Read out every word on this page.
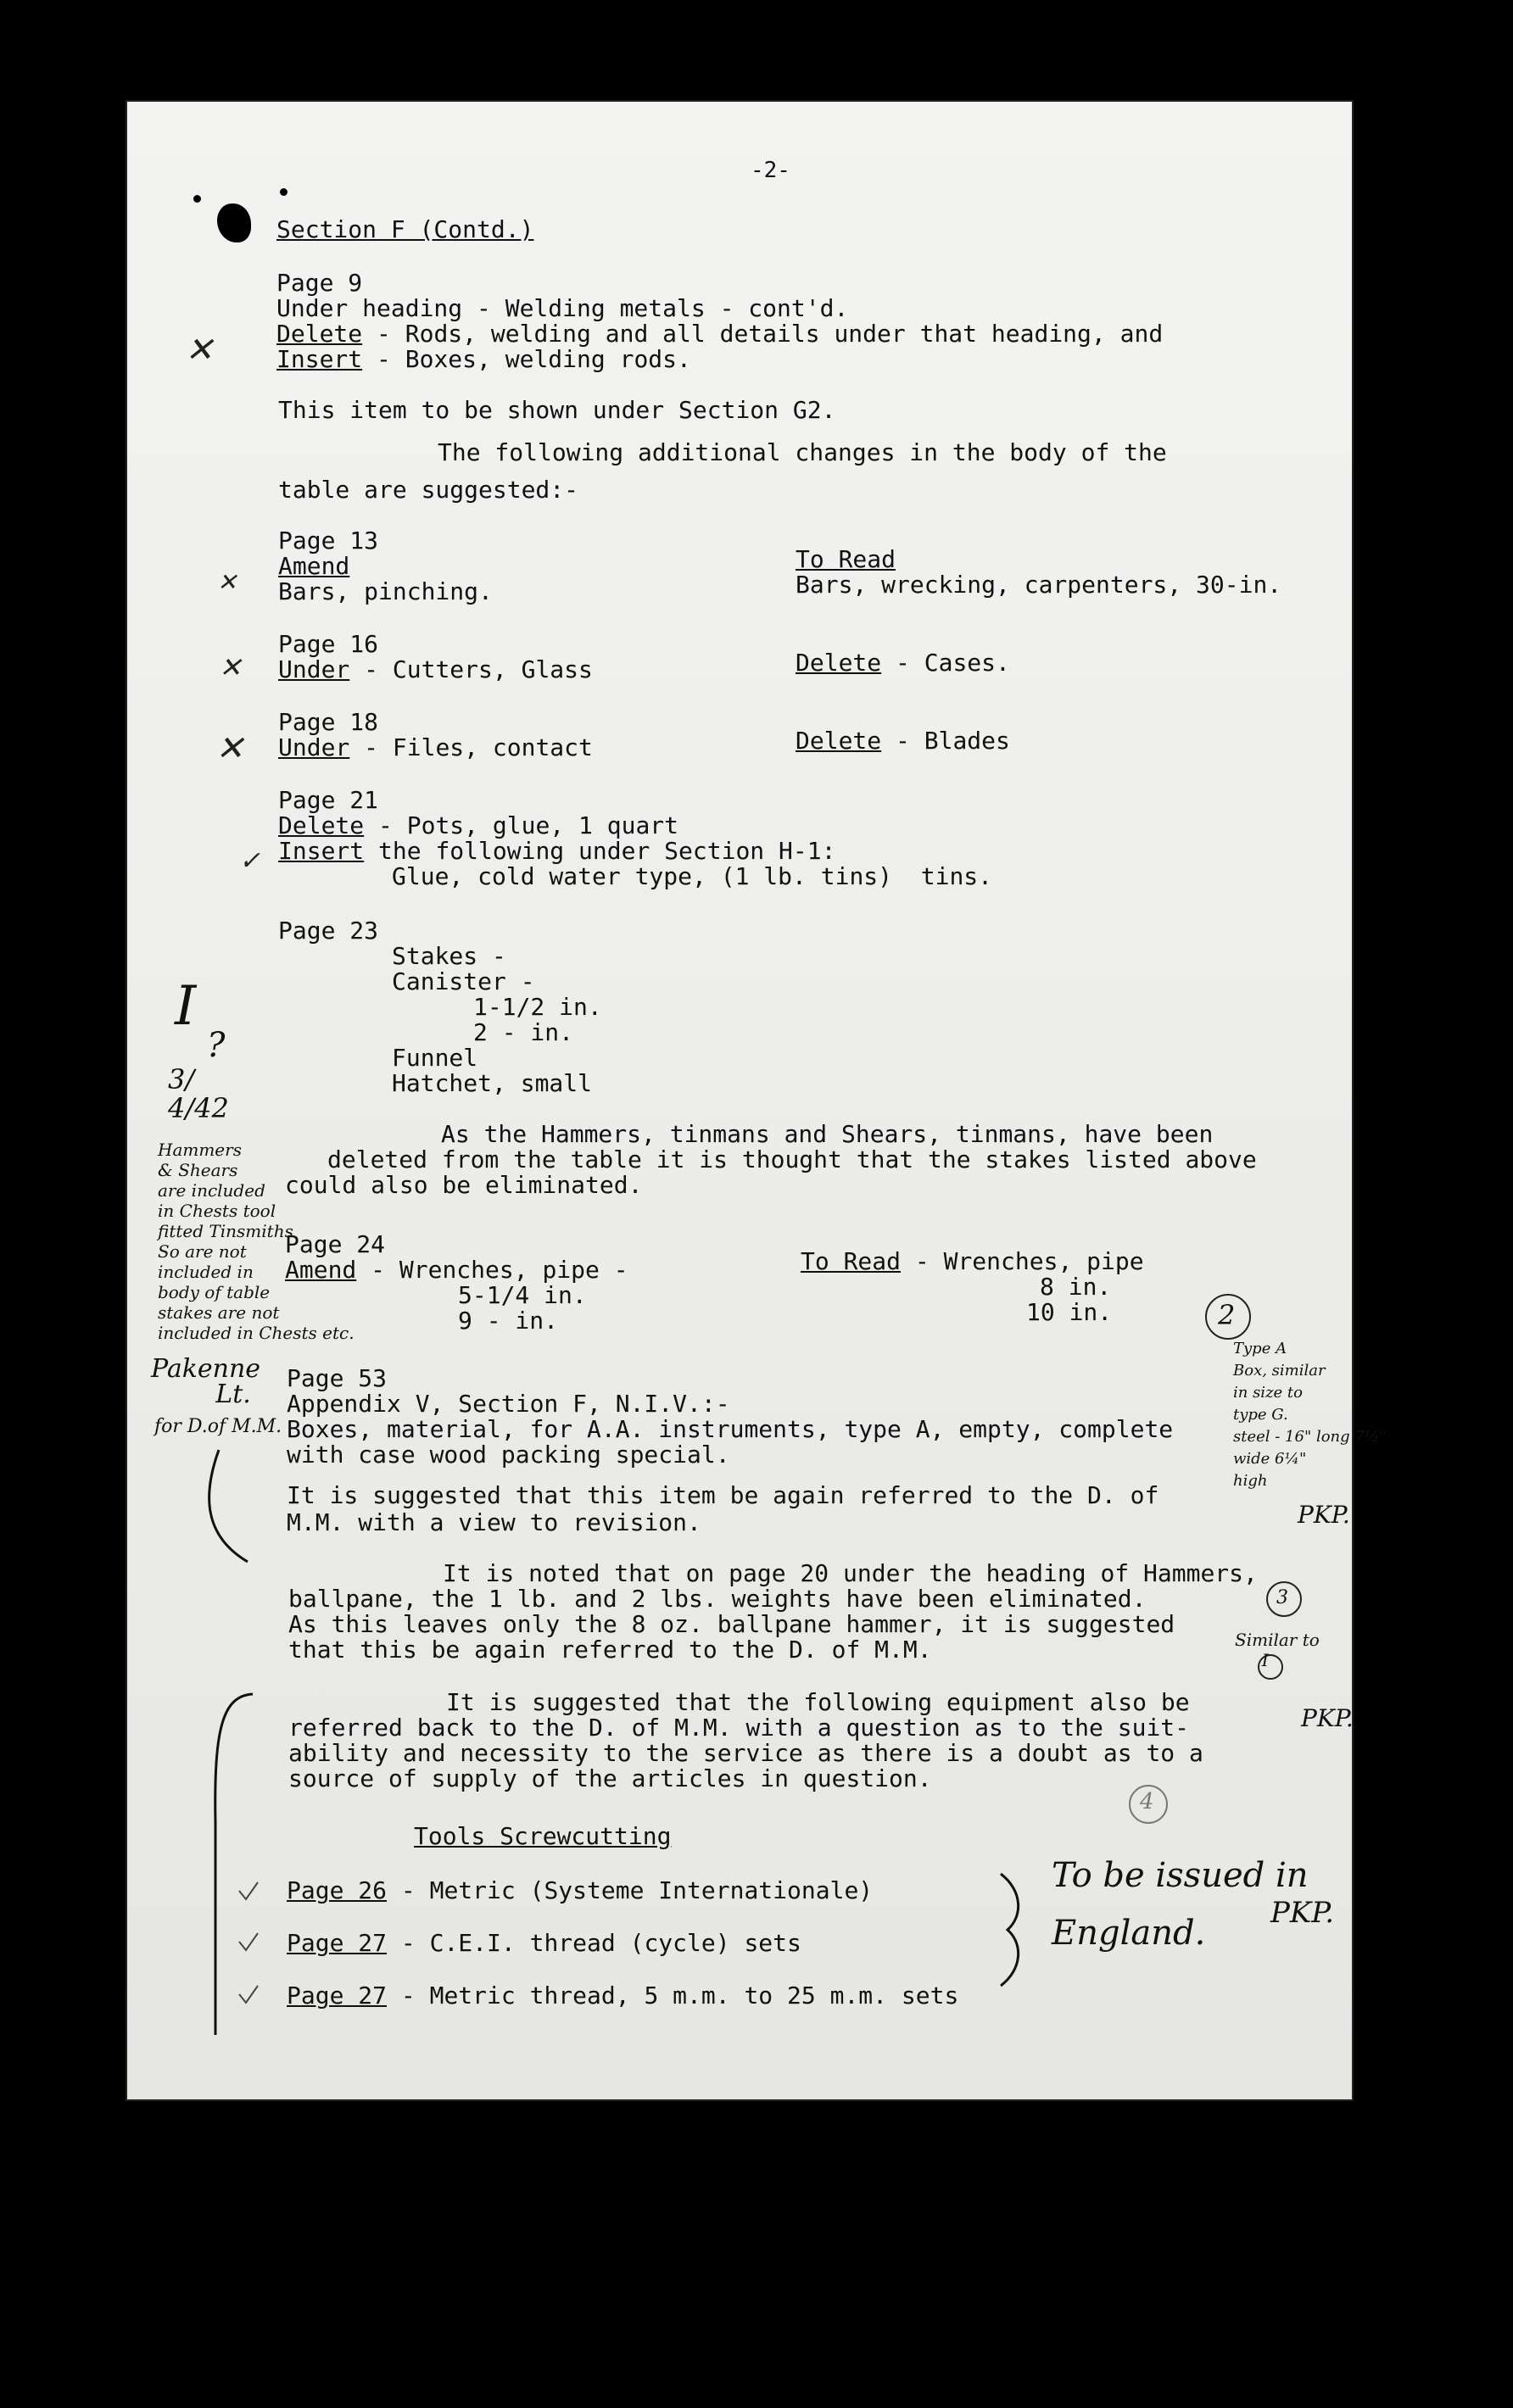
-2-
Section F (Contd.)
Page 9
Under heading - Welding metals - cont'd.
Delete - Rods, welding and all details under that heading, and
Insert - Boxes, welding rods.
This item to be shown under Section G2.
The following additional changes in the body of the
table are suggested:-
Page 13
Amend
Bars, pinching.
To Read
Bars, wrecking, carpenters, 30-in.
Page 16
Under - Cutters, Glass	Delete - Cases.
Page 18
Under - Files, contact	Delete - Blades
Page 21
Delete - Pots, glue, 1 quart
Insert the following under Section H-1:
Glue, cold water type, (1 lb. tins)  tins.
Page 23
Stakes -
Canister -
1-1/2 in.
2 - in.
Funnel
Hatchet, small
As the Hammers, tinmans and Shears, tinmans, have been
deleted from the table it is thought that the stakes listed above
could also be eliminated.
Page 24
Amend - Wrenches, pipe -
5-1/4 in.
9 - in.
To Read - Wrenches, pipe
8 in.
10 in.
Page 53
Appendix V, Section F, N.I.V.:-
Boxes, material, for A.A. instruments, type A, empty, complete
with case wood packing special.
It is suggested that this item be again referred to the D. of
M.M. with a view to revision.
It is noted that on page 20 under the heading of Hammers,
ballpane, the 1 lb. and 2 lbs. weights have been eliminated.
As this leaves only the 8 oz. ballpane hammer, it is suggested
that this be again referred to the D. of M.M.
It is suggested that the following equipment also be
referred back to the D. of M.M. with a question as to the suit-
ability and necessity to the service as there is a doubt as to a
source of supply of the articles in question.
Tools Screwcutting
Page 26 - Metric (Systeme Internationale)
Page 27 - C.E.I. thread (cycle) sets
Page 27 - Metric thread, 5 m.m. to 25 m.m. sets
✕
✕
✕
✕
✓
I
?
3/
4/42
Hammers
& Shears
are included
in Chests tool
fitted Tinsmiths
So are not
included in
body of table
stakes are not
included in Chests etc.
Pakenne
Lt.
for D.of M.M.
2
3
4
Type A
Box, similar
in size to
type G.
steel - 16" long 7½"
wide 6¼"
high
Similar to
I
PKP.
PKP.
To be issued in
England.
PKP.
